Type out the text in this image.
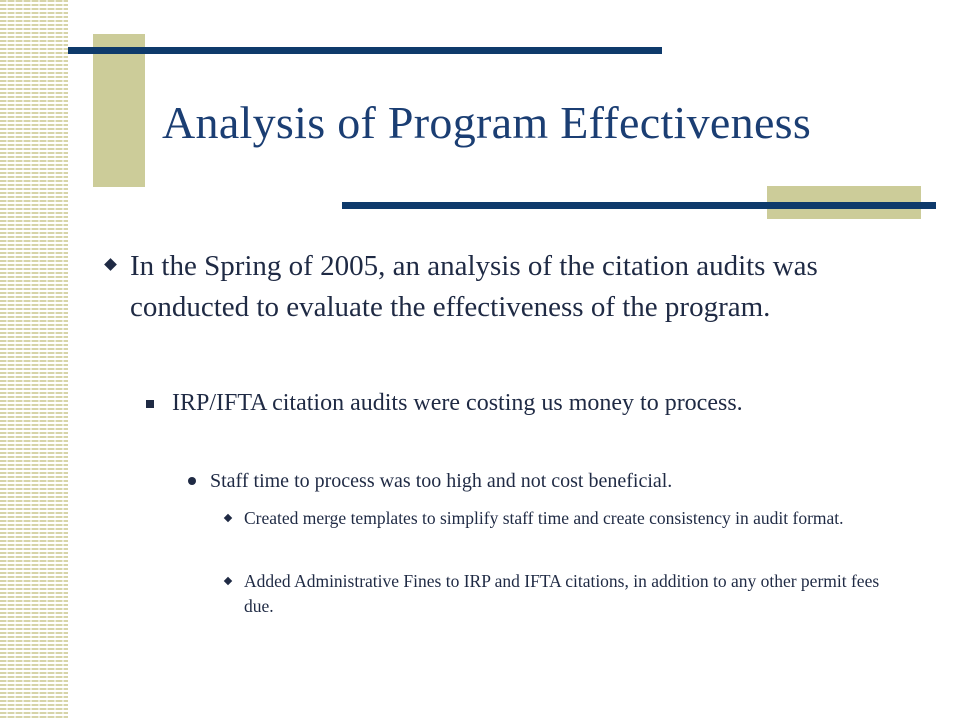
Analysis of Program Effectiveness
In the Spring of 2005, an analysis of the citation audits was conducted to evaluate the effectiveness of the program.
IRP/IFTA citation audits were costing us money to process.
Staff time to process was too high and not cost beneficial.
Created merge templates to simplify staff time and create consistency in audit format.
Added Administrative Fines to IRP and IFTA citations, in addition to any other permit fees due.
